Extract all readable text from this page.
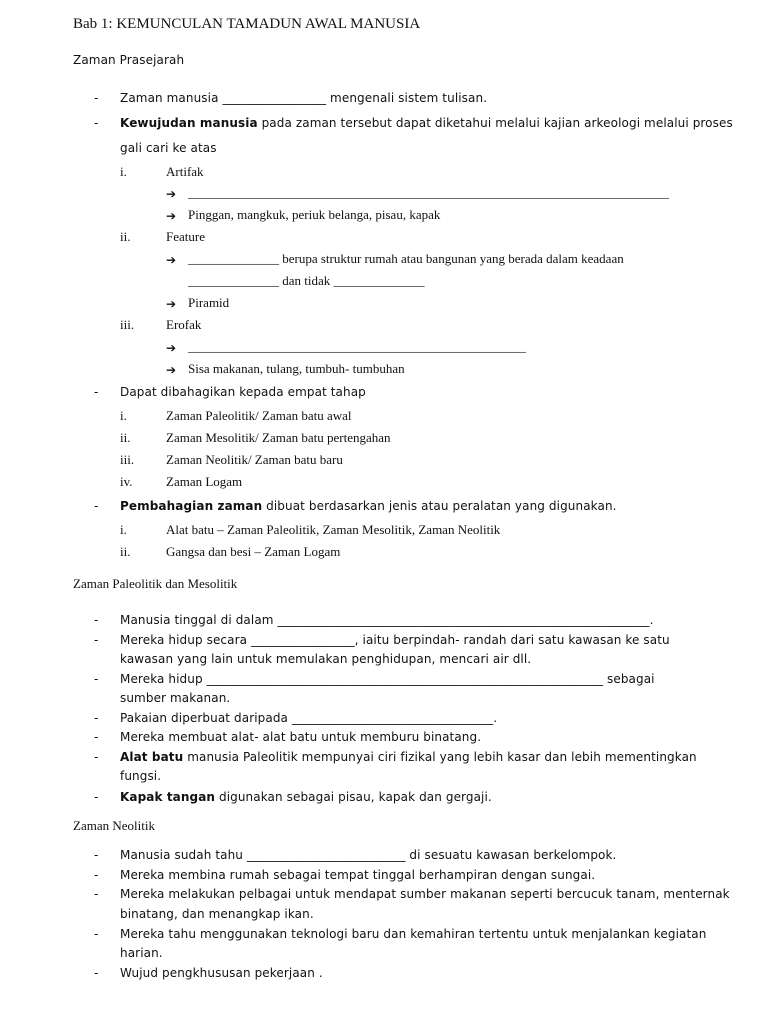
Bab 1: KEMUNCULAN TAMADUN AWAL MANUSIA
Zaman Prasejarah
- Zaman manusia _________________ mengenali sistem tulisan.
- Kewujudan manusia pada zaman tersebut dapat diketahui melalui kajian arkeologi melalui proses
gali cari ke atas
i.	Artifak
➔ __________________________________________________________________________
➔ Pinggan, mangkuk, periuk belanga, pisau, kapak
ii.	Feature
➔ ______________ berupa struktur rumah atau bangunan yang berada dalam keadaan
______________ dan tidak ______________
➔ Piramid
iii. Erofak
➔ ____________________________________________________
➔ Sisa makanan, tulang, tumbuh- tumbuhan
- Dapat dibahagikan kepada empat tahap
i.	Zaman Paleolitik/ Zaman batu awal
ii.	Zaman Mesolitik/ Zaman batu pertengahan
iii. Zaman Neolitik/ Zaman batu baru
iv.	Zaman Logam
- Pembahagian zaman dibuat berdasarkan jenis atau peralatan yang digunakan.
i.	Alat batu – Zaman Paleolitik, Zaman Mesolitik, Zaman Neolitik
ii.	Gangsa dan besi – Zaman Logam
Zaman Paleolitik dan Mesolitik
- Manusia tinggal di dalam _____________________________________________________________.
- Mereka hidup secara _________________, iaitu berpindah- randah dari satu kawasan ke satu
kawasan yang lain untuk memulakan penghidupan, mencari air dll.
- Mereka hidup _________________________________________________________________ sebagai
sumber makanan.
- Pakaian diperbuat daripada _________________________________.
- Mereka membuat alat- alat batu untuk memburu binatang.
- Alat batu manusia Paleolitik mempunyai ciri fizikal yang lebih kasar dan lebih mementingkan
fungsi.
- Kapak tangan digunakan sebagai pisau, kapak dan gergaji.
Zaman Neolitik
- Manusia sudah tahu __________________________ di sesuatu kawasan berkelompok.
- Mereka membina rumah sebagai tempat tinggal berhampiran dengan sungai.
- Mereka melakukan pelbagai untuk mendapat sumber makanan seperti bercucuk tanam, menternak
binatang, dan menangkap ikan.
- Mereka tahu menggunakan teknologi baru dan kemahiran tertentu untuk menjalankan kegiatan
harian.
- Wujud pengkhususan pekerjaan .
